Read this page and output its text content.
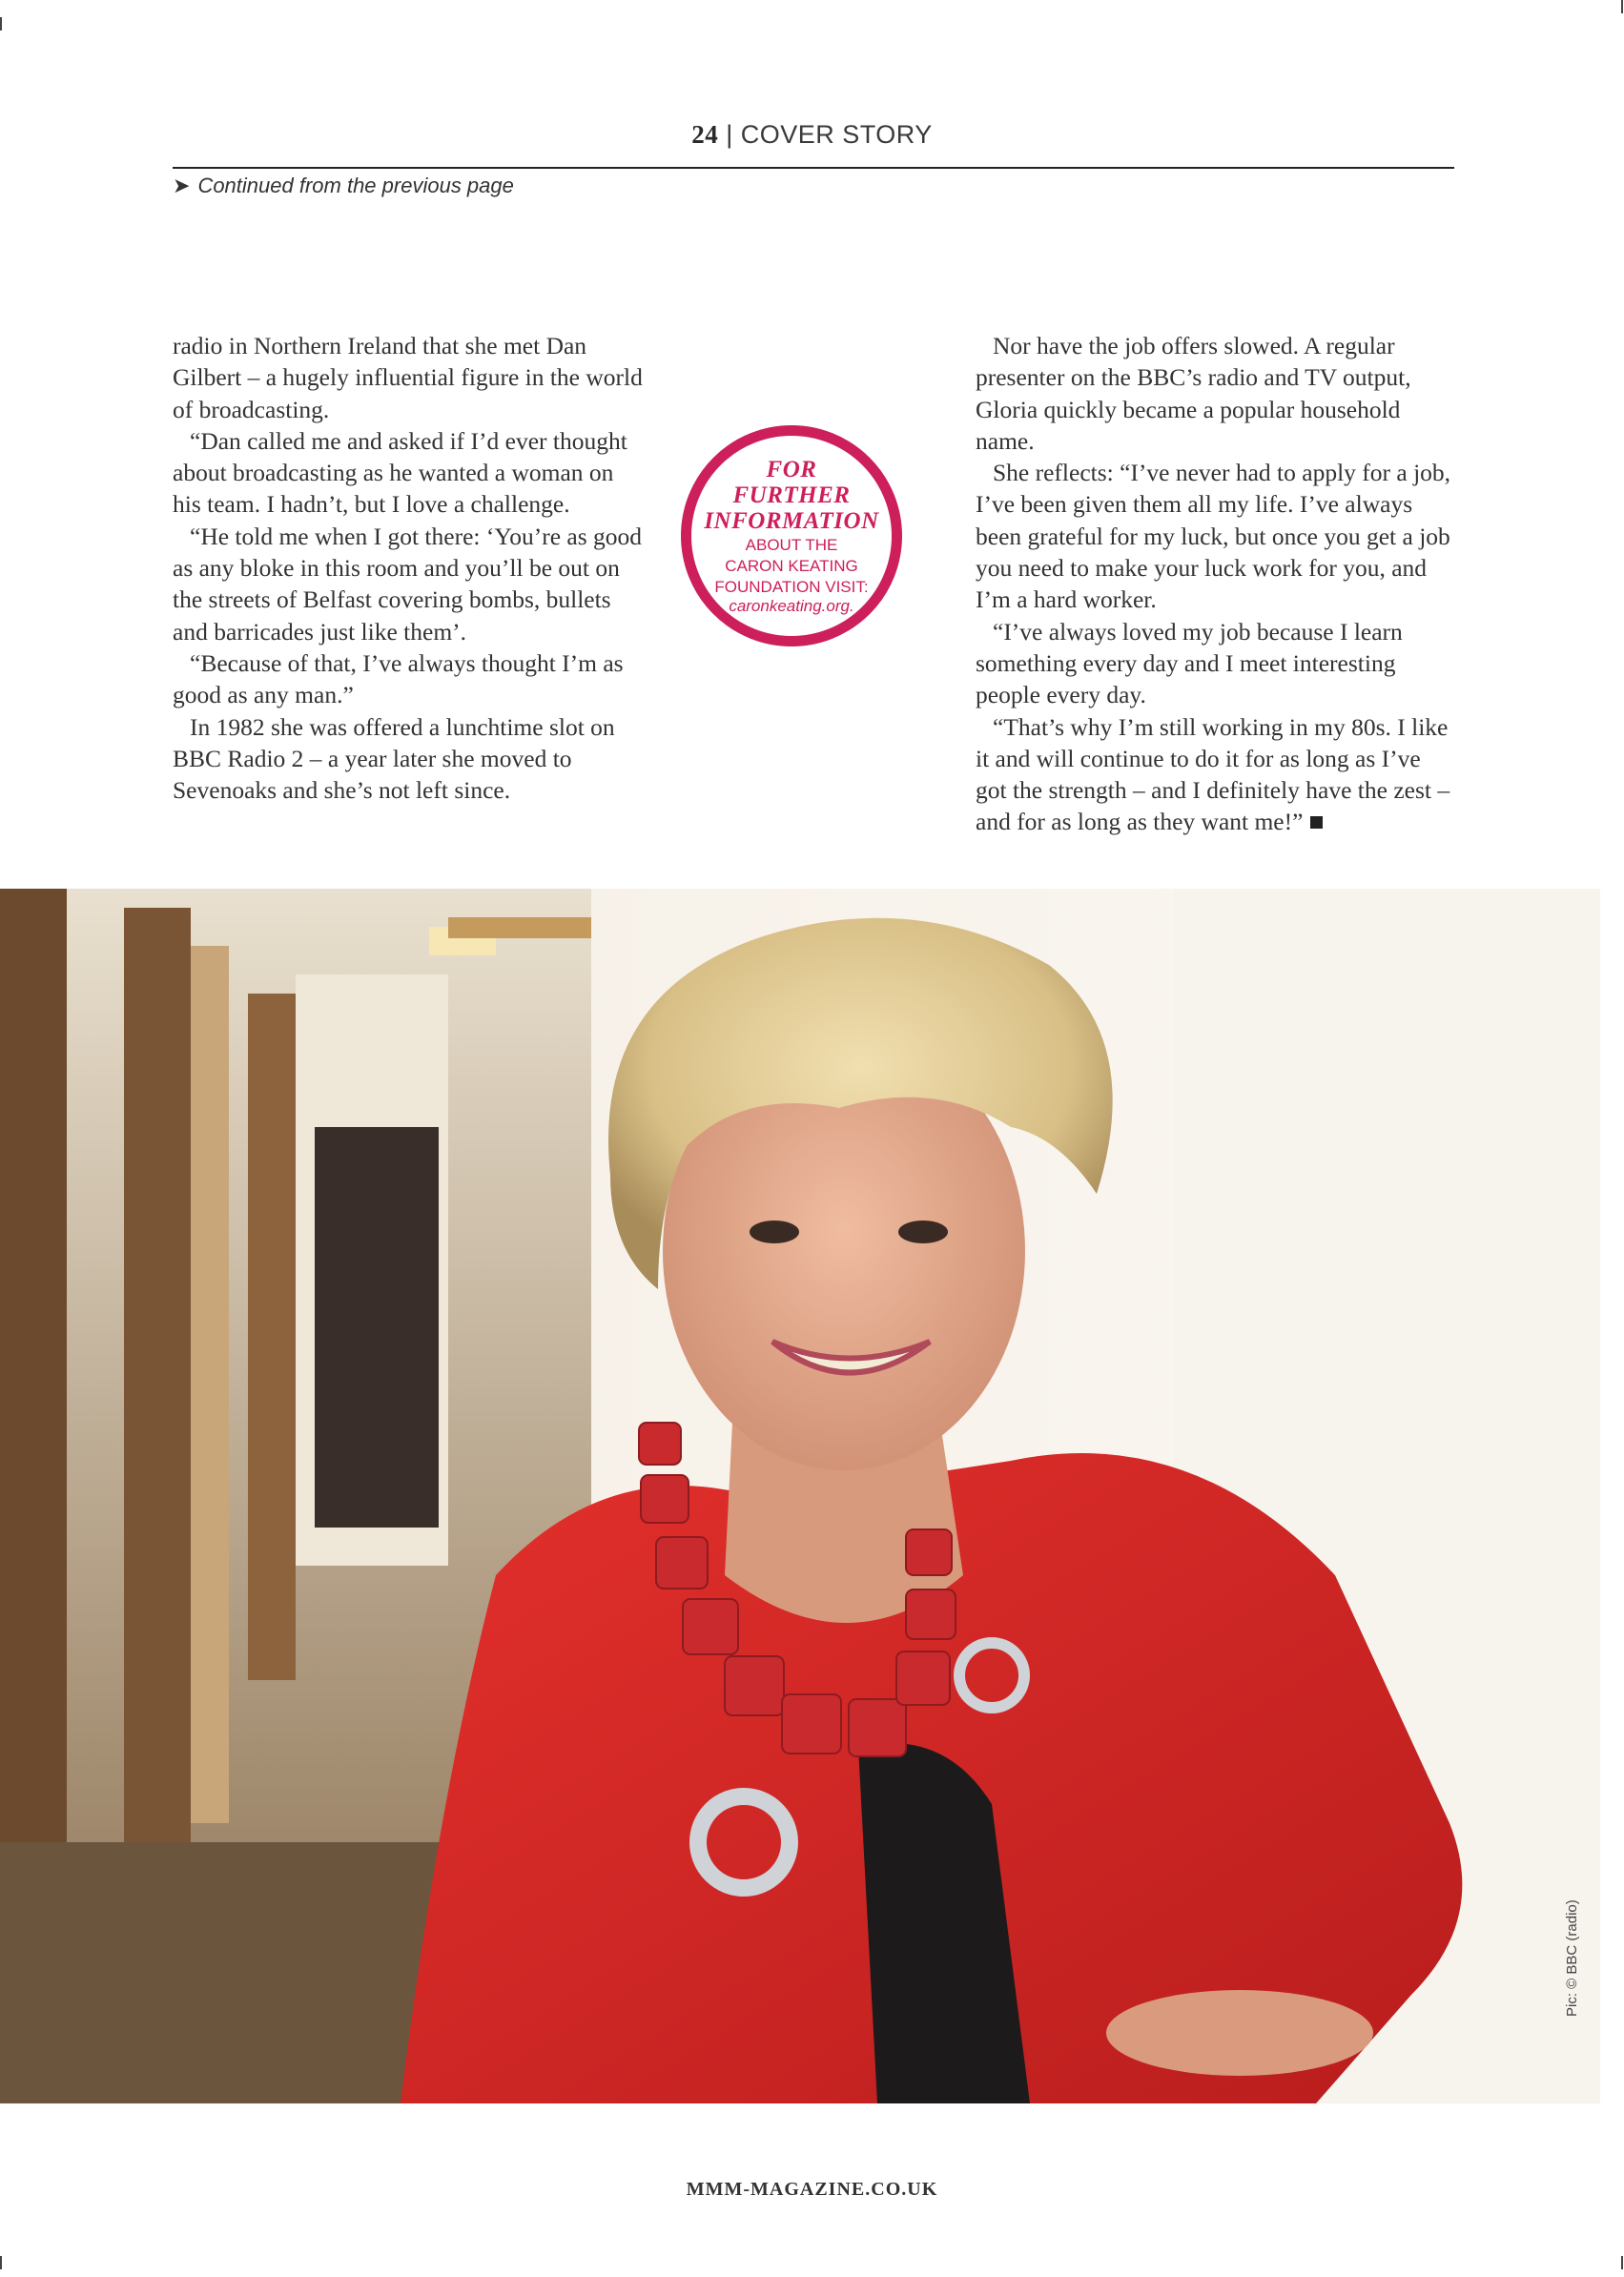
24 | COVER STORY
➤ Continued from the previous page

radio in Northern Ireland that she met Dan Gilbert – a hugely influential figure in the world of broadcasting.

“Dan called me and asked if I’d ever thought about broadcasting as he wanted a woman on his team. I hadn’t, but I love a challenge.

“He told me when I got there: ‘You’re as good as any bloke in this room and you’ll be out on the streets of Belfast covering bombs, bullets and barricades just like them’.

“Because of that, I’ve always thought I’m as good as any man.”

In 1982 she was offered a lunchtime slot on BBC Radio 2 – a year later she moved to Sevenoaks and she’s not left since.

FOR
FURTHER
INFORMATION
ABOUT THE
CARON KEATING
FOUNDATION VISIT:
caronkeating.org.

Nor have the job offers slowed. A regular presenter on the BBC’s radio and TV output, Gloria quickly became a popular household name.

She reflects: “I’ve never had to apply for a job, I’ve been given them all my life. I’ve always been grateful for my luck, but once you get a job you need to make your luck work for you, and I’m a hard worker.

“I’ve always loved my job because I learn something every day and I meet interesting people every day.

“That’s why I’m still working in my 80s. I like it and will continue to do it for as long as I’ve got the strength – and I definitely have the zest – and for as long as they want me!”

Pic: © BBC (radio)
MMM-MAGAZINE.CO.UK
